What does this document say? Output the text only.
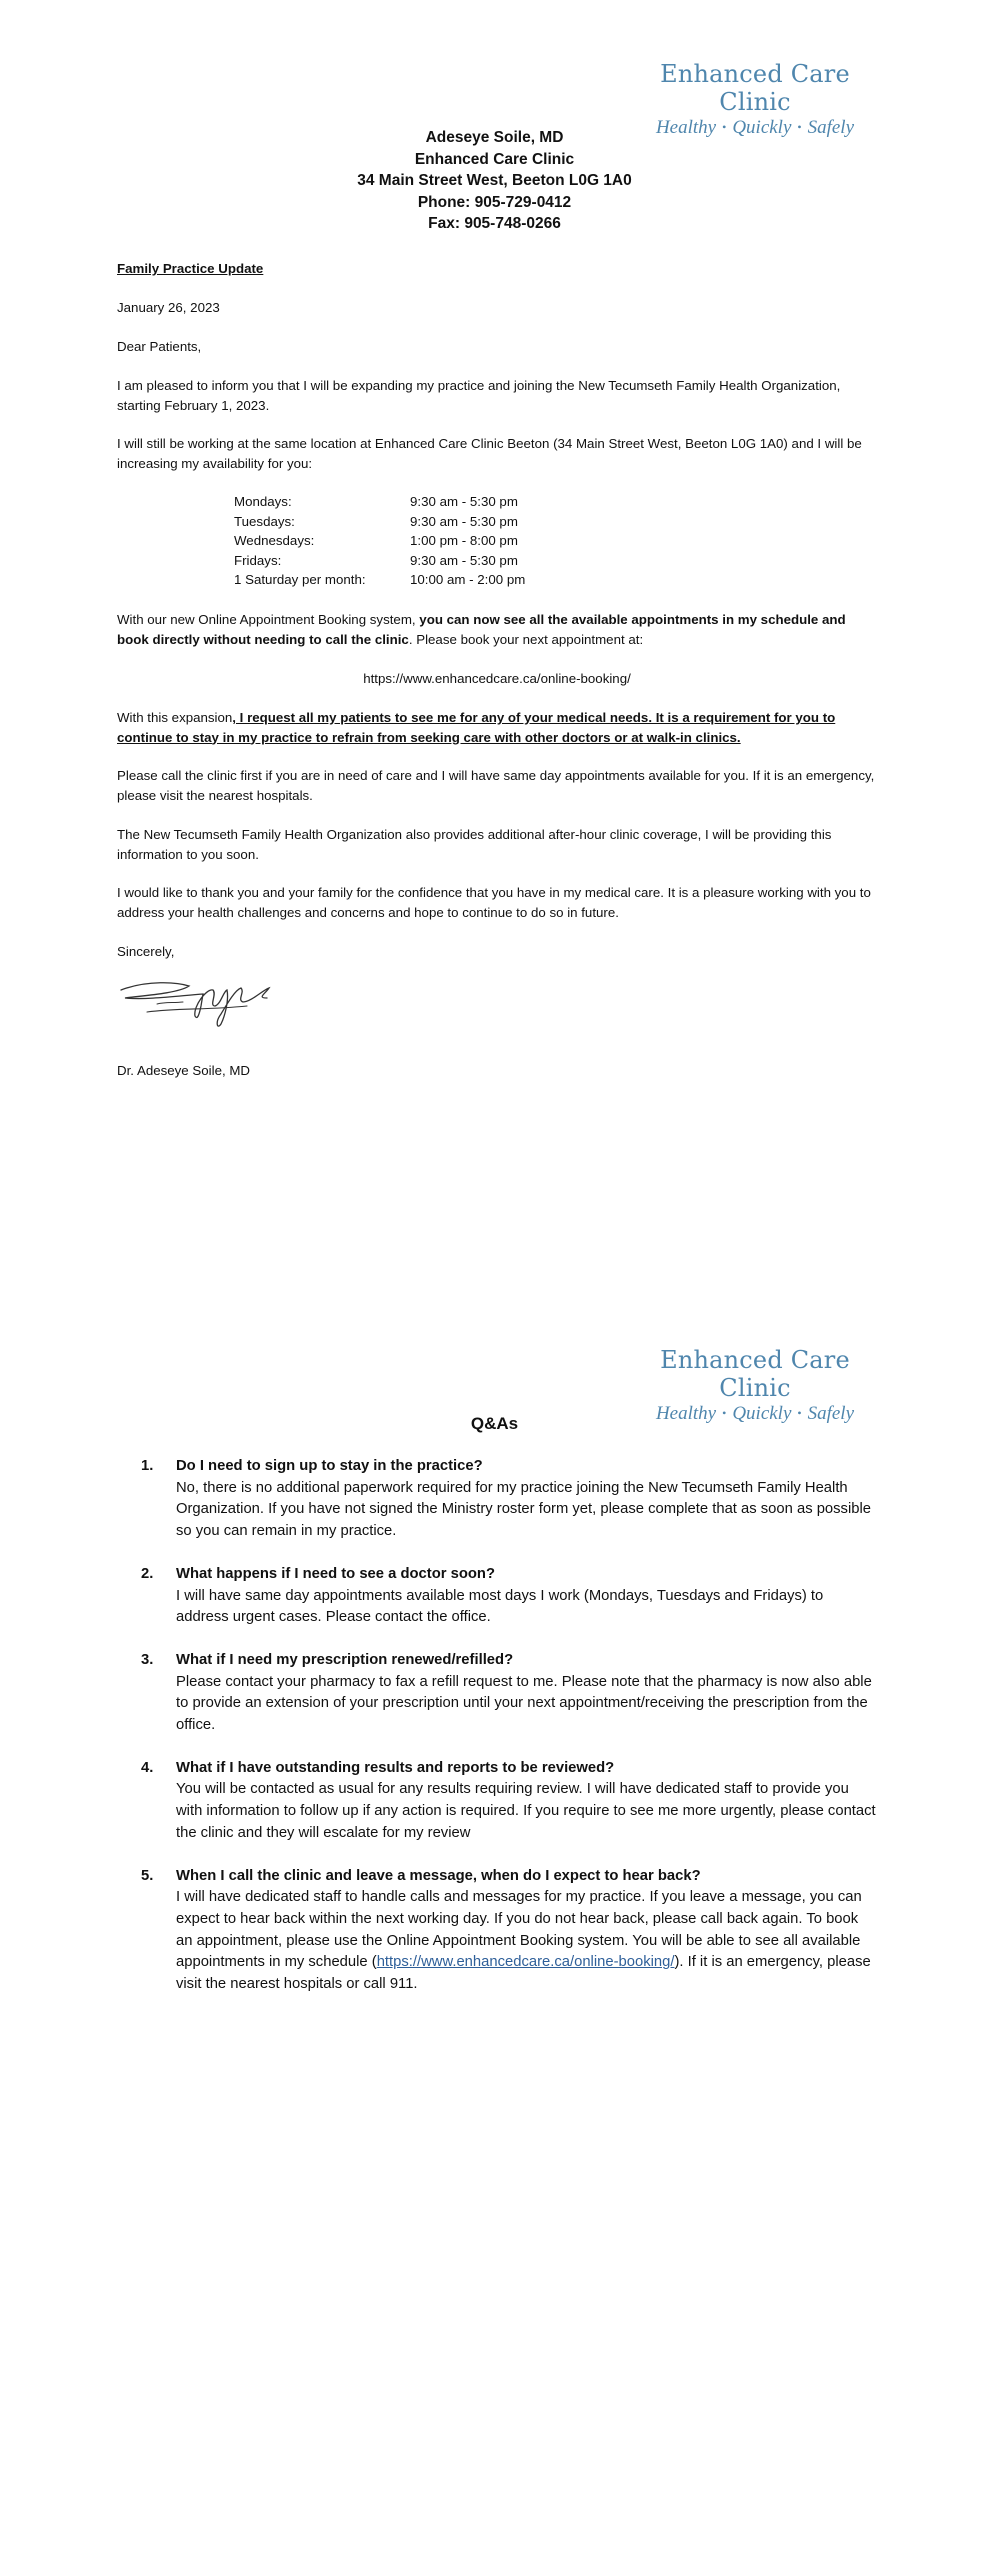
Enhanced Care Clinic
Healthy • Quickly • Safely
Adeseye Soile, MD
Enhanced Care Clinic
34 Main Street West, Beeton L0G 1A0
Phone: 905-729-0412
Fax: 905-748-0266
Family Practice Update
January 26, 2023
Dear Patients,
I am pleased to inform you that I will be expanding my practice and joining the New Tecumseth Family Health Organization, starting February 1, 2023.
I will still be working at the same location at Enhanced Care Clinic Beeton (34 Main Street West, Beeton L0G 1A0) and I will be increasing my availability for you:
Mondays:	9:30 am - 5:30 pm
Tuesdays:	9:30 am - 5:30 pm
Wednesdays:	1:00 pm - 8:00 pm
Fridays:	9:30 am - 5:30 pm
1 Saturday per month:	10:00 am - 2:00 pm
With our new Online Appointment Booking system, you can now see all the available appointments in my schedule and book directly without needing to call the clinic. Please book your next appointment at:
https://www.enhancedcare.ca/online-booking/
With this expansion, I request all my patients to see me for any of your medical needs. It is a requirement for you to continue to stay in my practice to refrain from seeking care with other doctors or at walk-in clinics.
Please call the clinic first if you are in need of care and I will have same day appointments available for you. If it is an emergency, please visit the nearest hospitals.
The New Tecumseth Family Health Organization also provides additional after-hour clinic coverage, I will be providing this information to you soon.
I would like to thank you and your family for the confidence that you have in my medical care. It is a pleasure working with you to address your health challenges and concerns and hope to continue to do so in future.
Sincerely,
Dr. Adeseye Soile, MD
Enhanced Care Clinic
Healthy • Quickly • Safely
Q&As
1. Do I need to sign up to stay in the practice?
No, there is no additional paperwork required for my practice joining the New Tecumseth Family Health Organization. If you have not signed the Ministry roster form yet, please complete that as soon as possible so you can remain in my practice.
2. What happens if I need to see a doctor soon?
I will have same day appointments available most days I work (Mondays, Tuesdays and Fridays) to address urgent cases. Please contact the office.
3. What if I need my prescription renewed/refilled?
Please contact your pharmacy to fax a refill request to me. Please note that the pharmacy is now also able to provide an extension of your prescription until your next appointment/receiving the prescription from the office.
4. What if I have outstanding results and reports to be reviewed?
You will be contacted as usual for any results requiring review. I will have dedicated staff to provide you with information to follow up if any action is required. If you require to see me more urgently, please contact the clinic and they will escalate for my review
5. When I call the clinic and leave a message, when do I expect to hear back?
I will have dedicated staff to handle calls and messages for my practice. If you leave a message, you can expect to hear back within the next working day. If you do not hear back, please call back again. To book an appointment, please use the Online Appointment Booking system. You will be able to see all available appointments in my schedule (https://www.enhancedcare.ca/online-booking/). If it is an emergency, please visit the nearest hospitals or call 911.
